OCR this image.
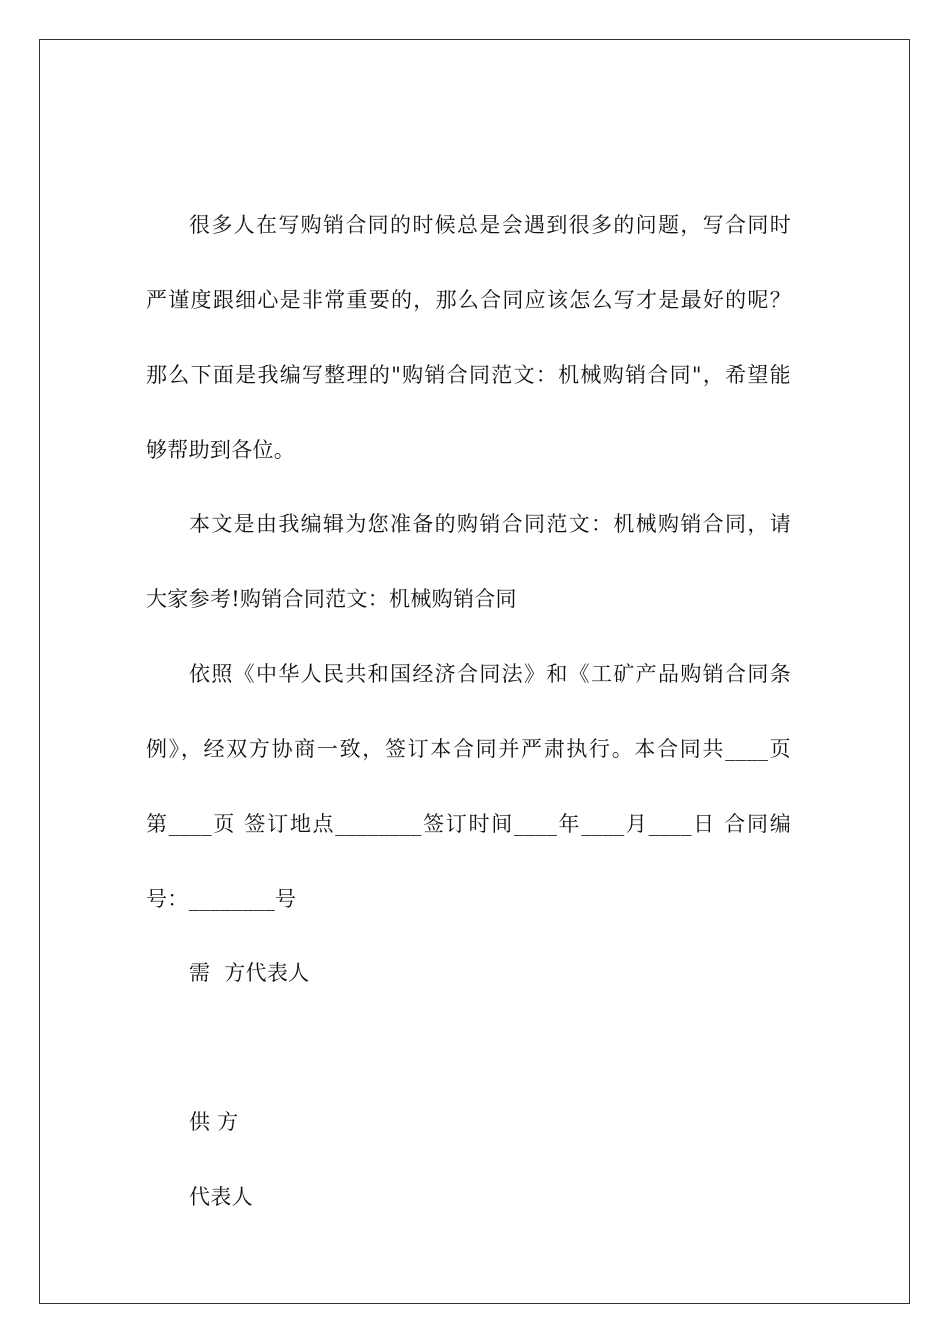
很多人在写购销合同的时候总是会遇到很多的问题，写合同时
严谨度跟细心是非常重要的，那么合同应该怎么写才是最好的呢？
那么下面是我编写整理的"购销合同范文：机械购销合同"，希望能
够帮助到各位。
本文是由我编辑为您准备的购销合同范文：机械购销合同，请
大家参考!购销合同范文：机械购销合同
依照《中华人民共和国经济合同法》和《工矿产品购销合同条
例》，经双方协商一致，签订本合同并严肃执行。本合同共____页
第____页 签订地点________签订时间____年____月____日 合同编
号：________号
需  方代表人
供 方
代表人
